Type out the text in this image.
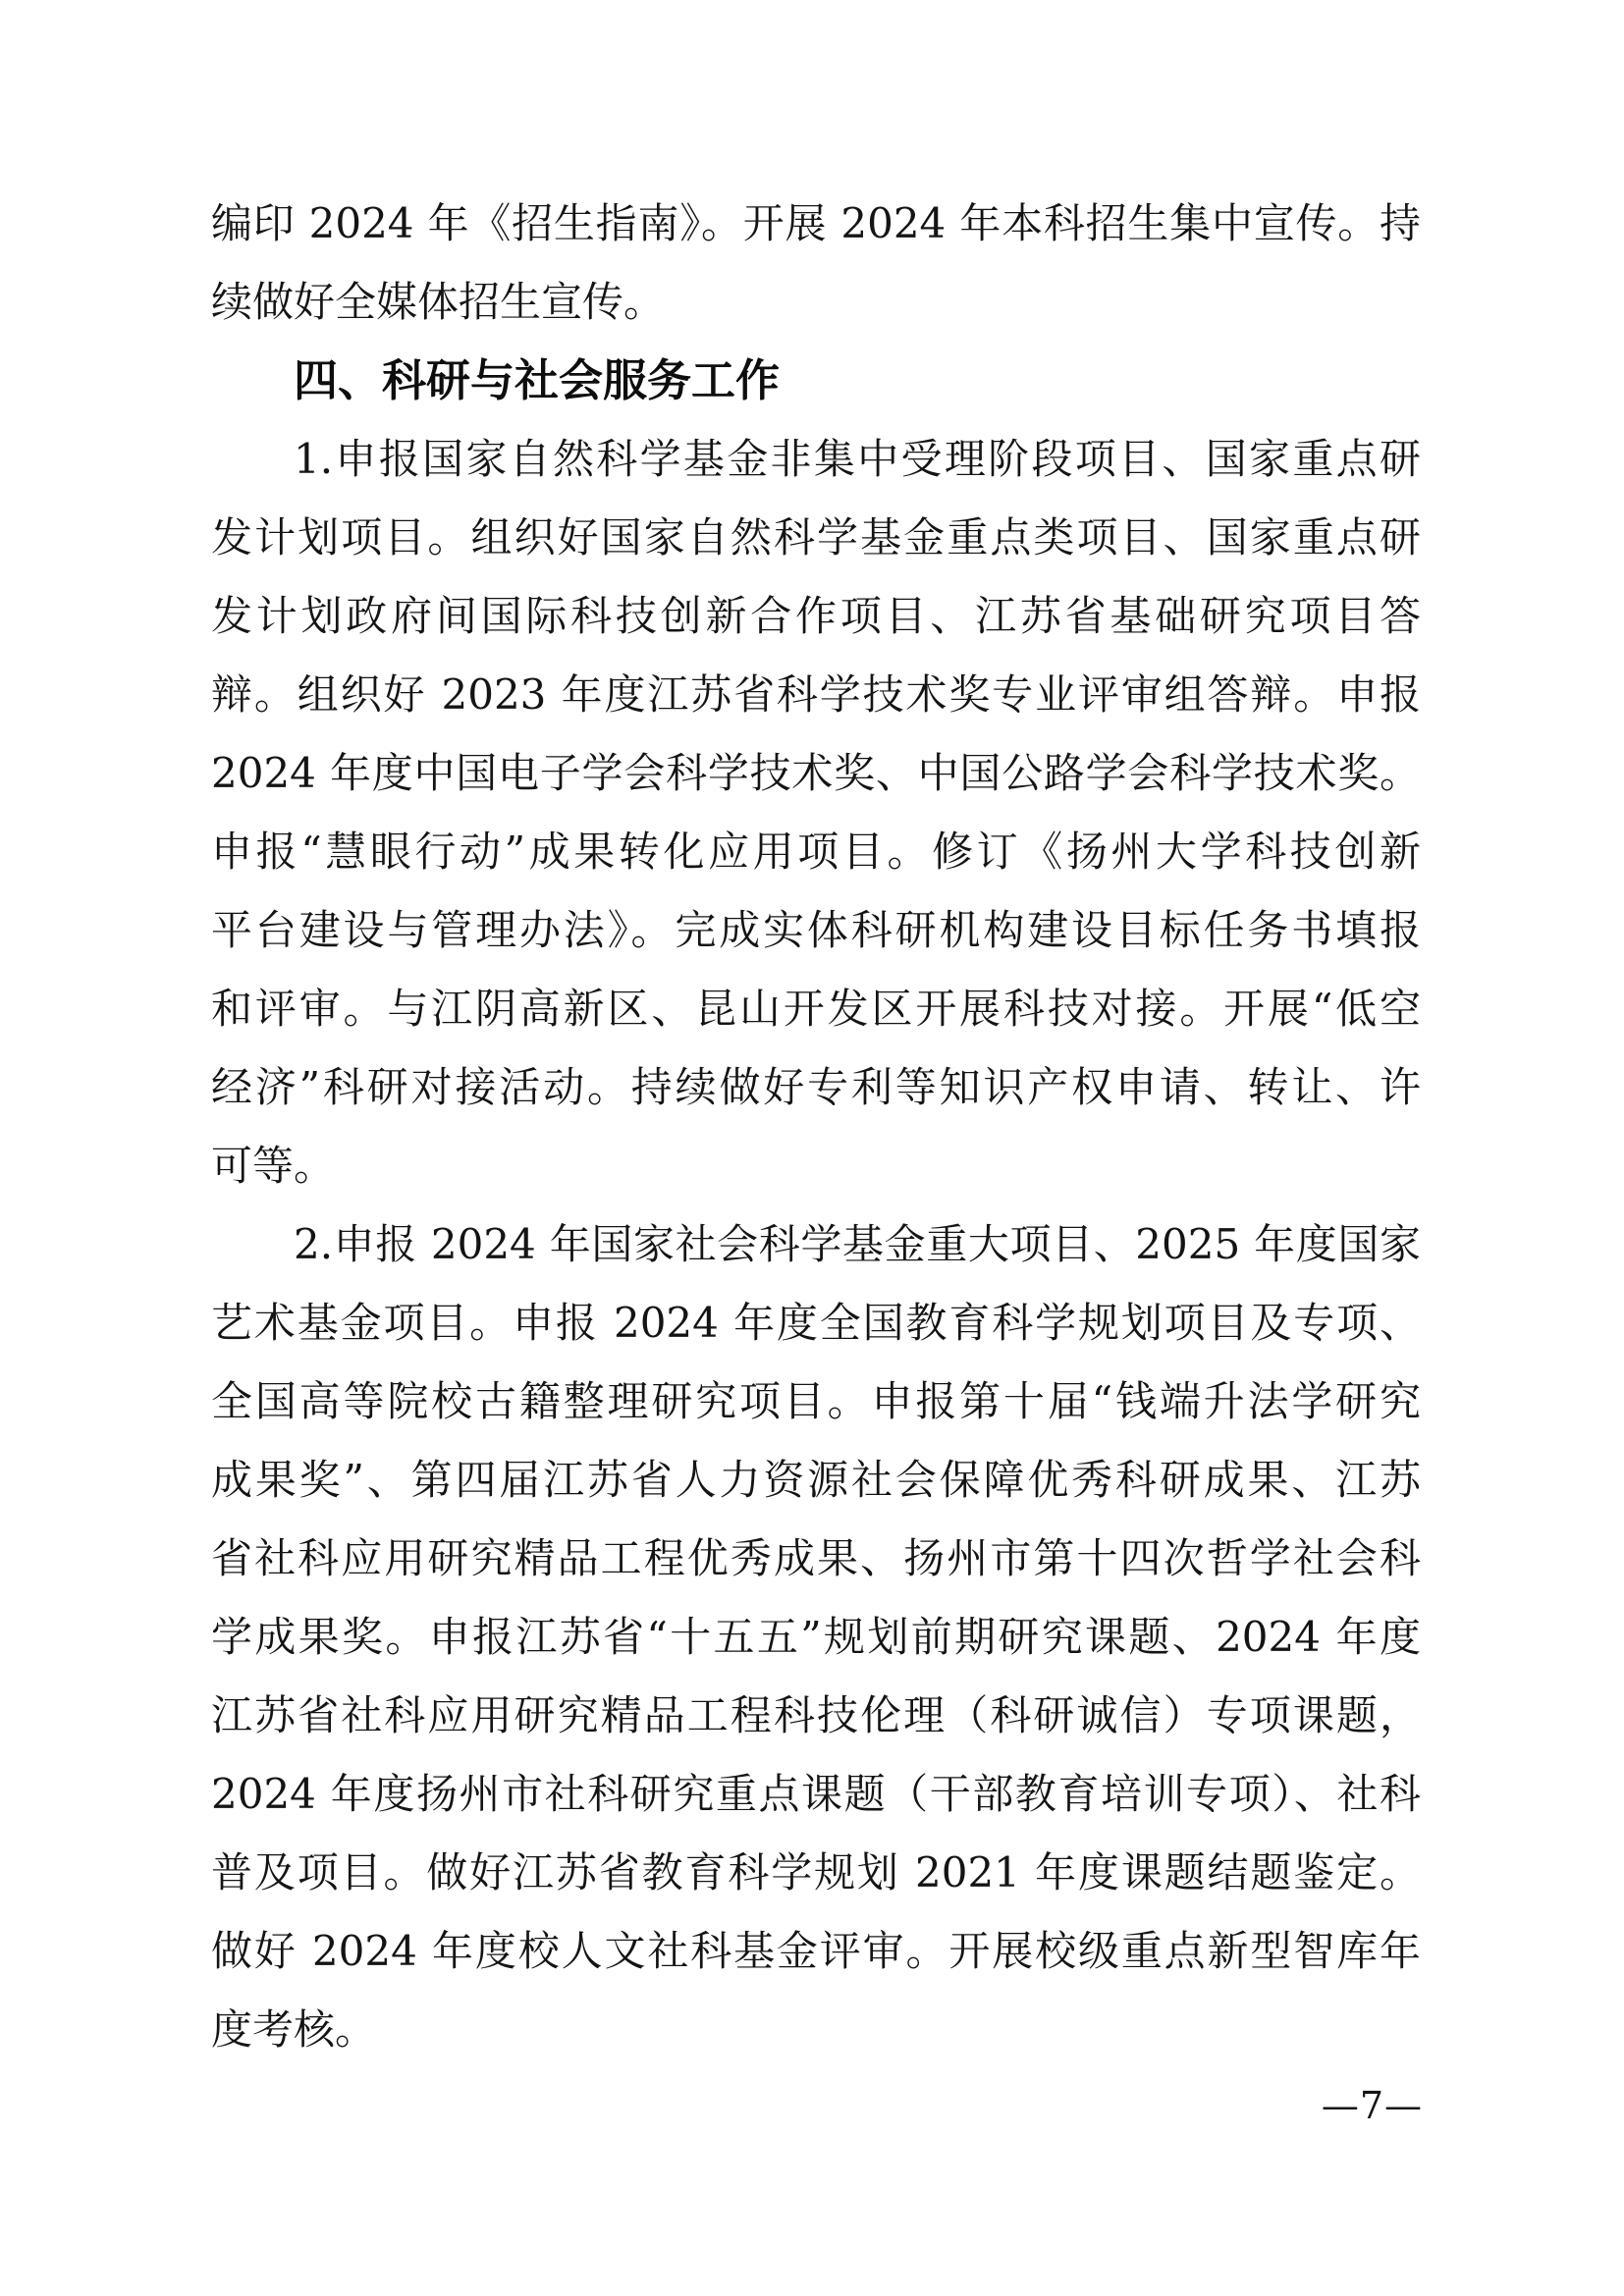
编印 2024 年《招生指南》。开展 2024 年本科招生集中宣传。持
续做好全媒体招生宣传。
四、科研与社会服务工作
1.申报国家自然科学基金非集中受理阶段项目、国家重点研
发计划项目。组织好国家自然科学基金重点类项目、国家重点研
发计划政府间国际科技创新合作项目、江苏省基础研究项目答
辩。组织好 2023 年度江苏省科学技术奖专业评审组答辩。申报
2024 年度中国电子学会科学技术奖、中国公路学会科学技术奖。
申报“慧眼行动”成果转化应用项目。修订《扬州大学科技创新
平台建设与管理办法》。完成实体科研机构建设目标任务书填报
和评审。与江阴高新区、昆山开发区开展科技对接。开展“低空
经济”科研对接活动。持续做好专利等知识产权申请、转让、许
可等。
2.申报 2024 年国家社会科学基金重大项目、2025 年度国家
艺术基金项目。申报 2024 年度全国教育科学规划项目及专项、
全国高等院校古籍整理研究项目。申报第十届“钱端升法学研究
成果奖”、第四届江苏省人力资源社会保障优秀科研成果、江苏
省社科应用研究精品工程优秀成果、扬州市第十四次哲学社会科
学成果奖。申报江苏省“十五五”规划前期研究课题、2024 年度
江苏省社科应用研究精品工程科技伦理（科研诚信）专项课题，
2024 年度扬州市社科研究重点课题（干部教育培训专项）、社科
普及项目。做好江苏省教育科学规划 2021 年度课题结题鉴定。
做好 2024 年度校人文社科基金评审。开展校级重点新型智库年
度考核。
—7—
